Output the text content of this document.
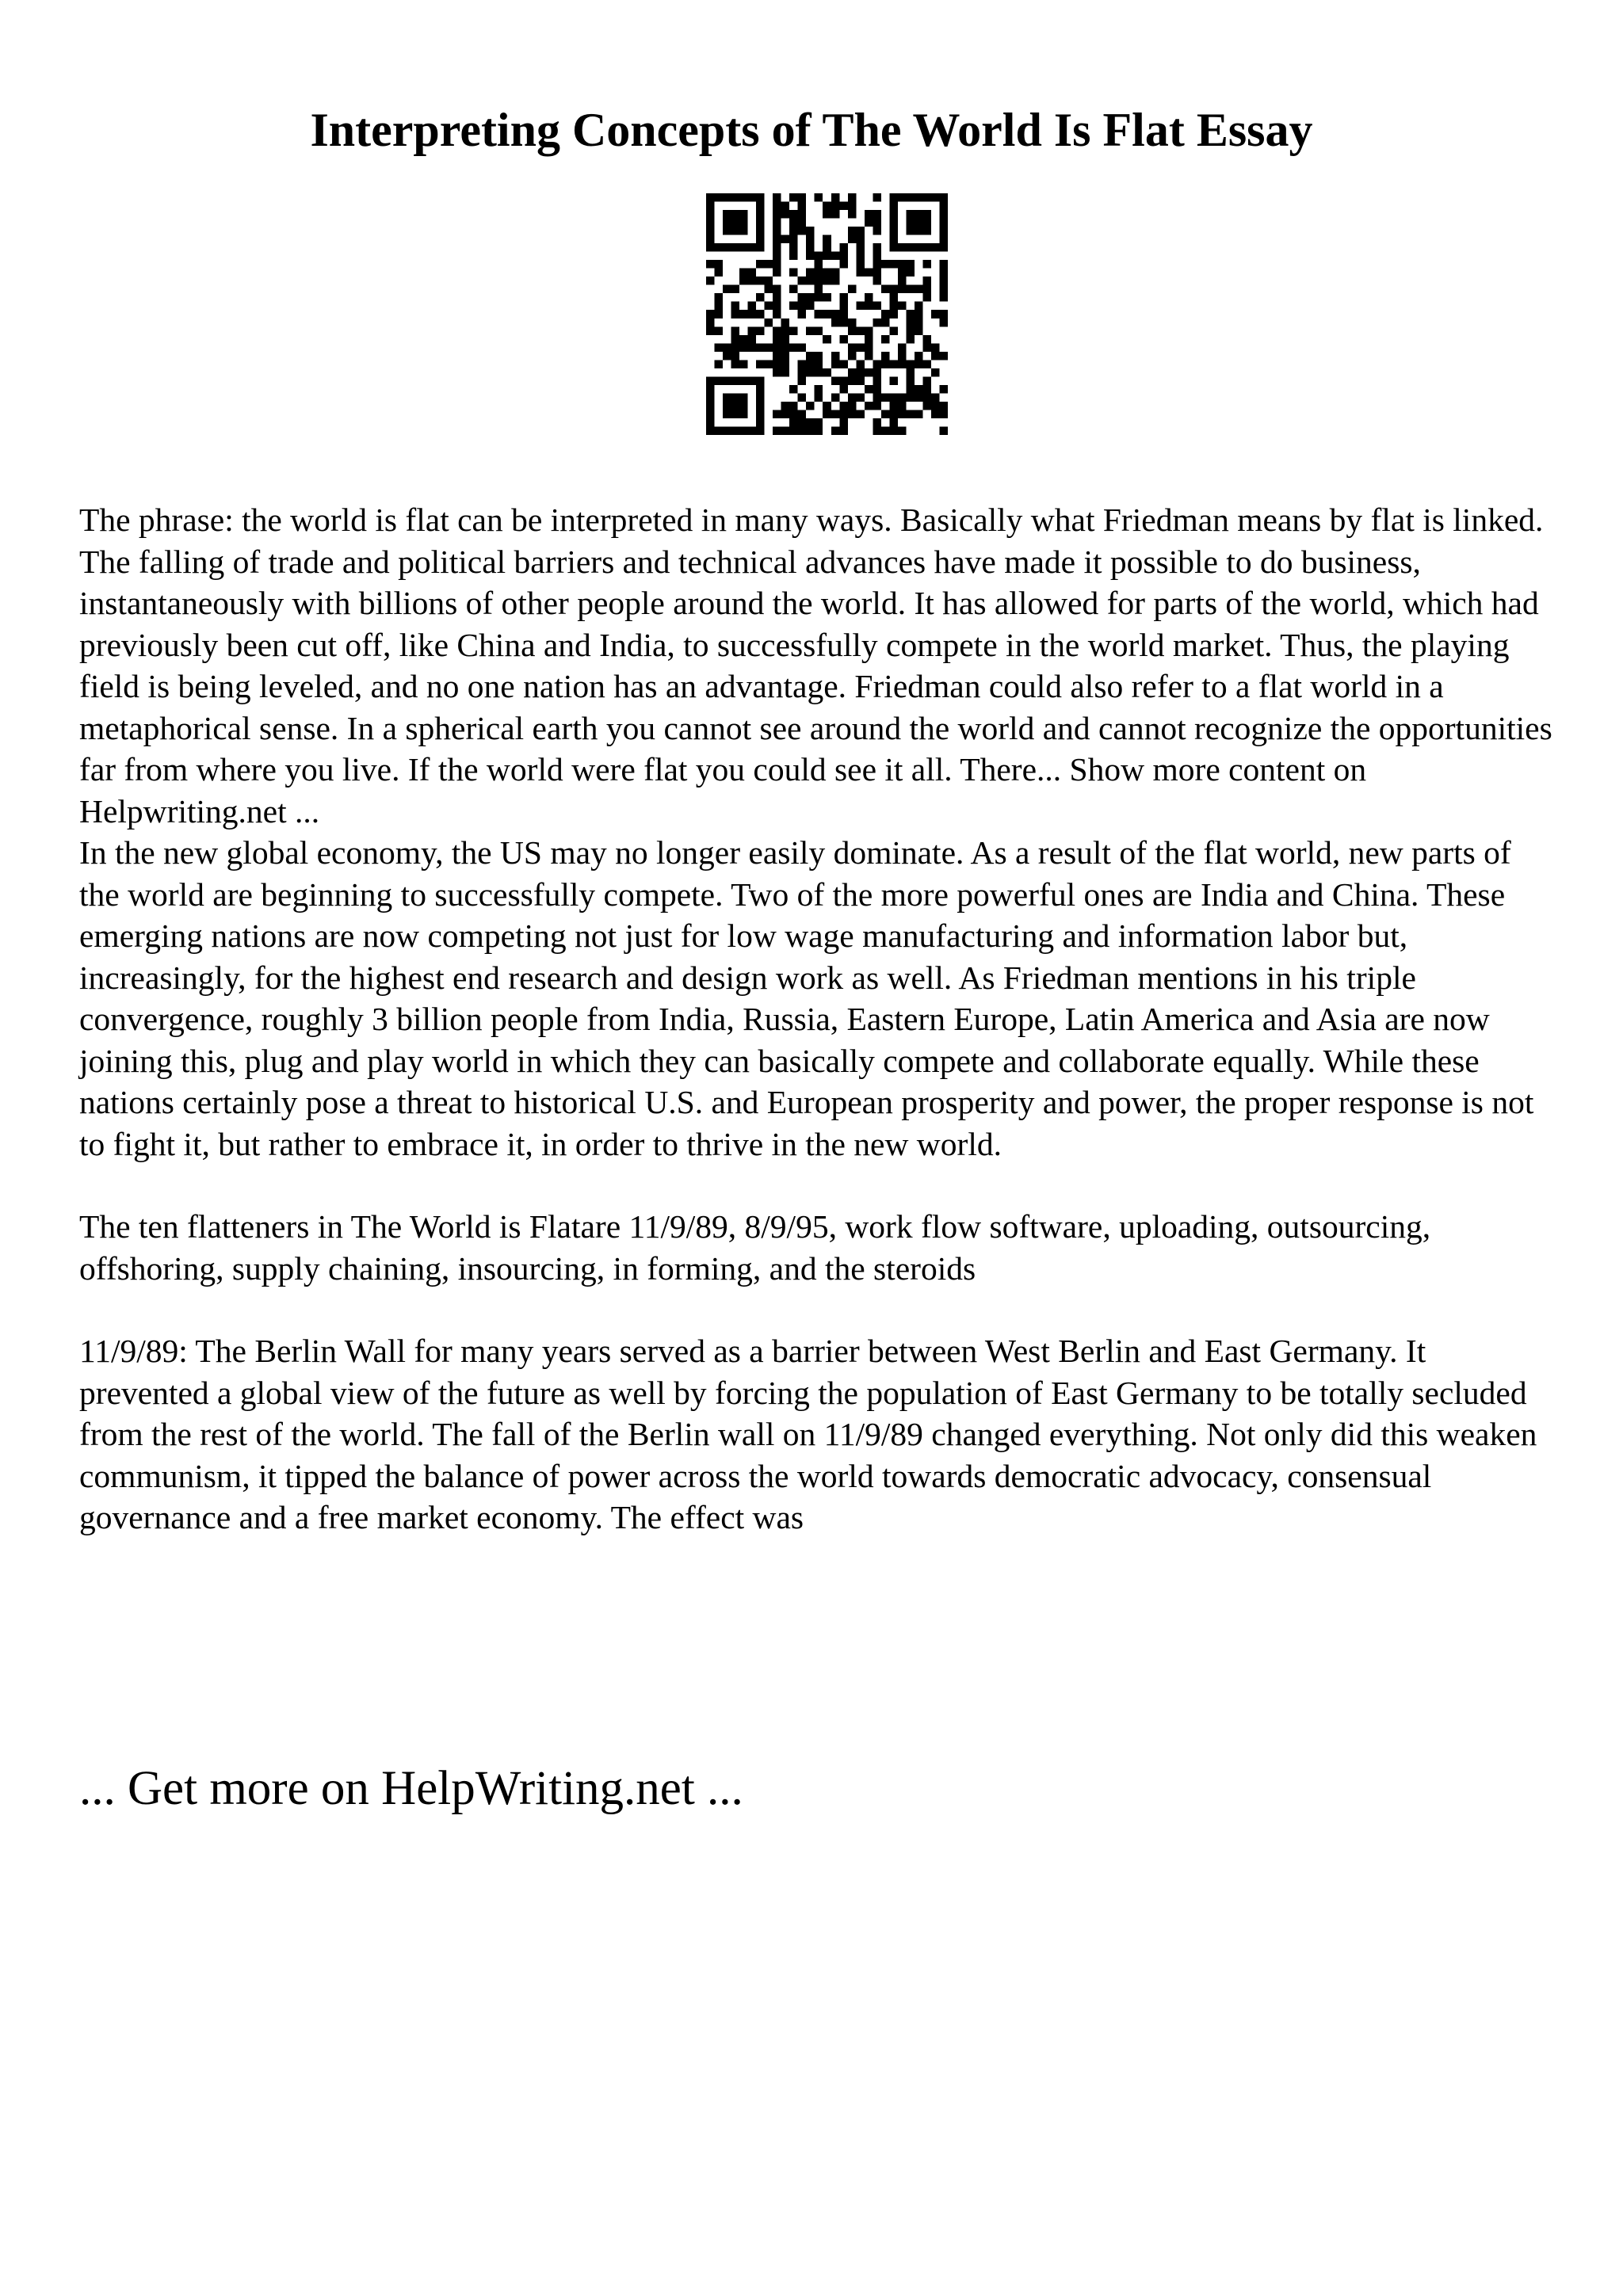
Interpreting Concepts of The World Is Flat Essay

The phrase: the world is flat can be interpreted in many ways. Basically what Friedman means by flat is linked. The falling of trade and political barriers and technical advances have made it possible to do business, instantaneously with billions of other people around the world. It has allowed for parts of the world, which had previously been cut off, like China and India, to successfully compete in the world market. Thus, the playing field is being leveled, and no one nation has an advantage. Friedman could also refer to a flat world in a metaphorical sense. In a spherical earth you cannot see around the world and cannot recognize the opportunities far from where you live. If the world were flat you could see it all. There... Show more content on Helpwriting.net ...

In the new global economy, the US may no longer easily dominate. As a result of the flat world, new parts of the world are beginning to successfully compete. Two of the more powerful ones are India and China. These emerging nations are now competing not just for low wage manufacturing and information labor but, increasingly, for the highest end research and design work as well. As Friedman mentions in his triple convergence, roughly 3 billion people from India, Russia, Eastern Europe, Latin America and Asia are now joining this, plug and play world in which they can basically compete and collaborate equally. While these nations certainly pose a threat to historical U.S. and European prosperity and power, the proper response is not to fight it, but rather to embrace it, in order to thrive in the new world.

The ten flatteners in The World is Flatare 11/9/89, 8/9/95, work flow software, uploading, outsourcing, offshoring, supply chaining, insourcing, in forming, and the steroids

11/9/89: The Berlin Wall for many years served as a barrier between West Berlin and East Germany. It prevented a global view of the future as well by forcing the population of East Germany to be totally secluded from the rest of the world. The fall of the Berlin wall on 11/9/89 changed everything. Not only did this weaken communism, it tipped the balance of power across the world towards democratic advocacy, consensual governance and a free market economy. The effect was

... Get more on HelpWriting.net ...
